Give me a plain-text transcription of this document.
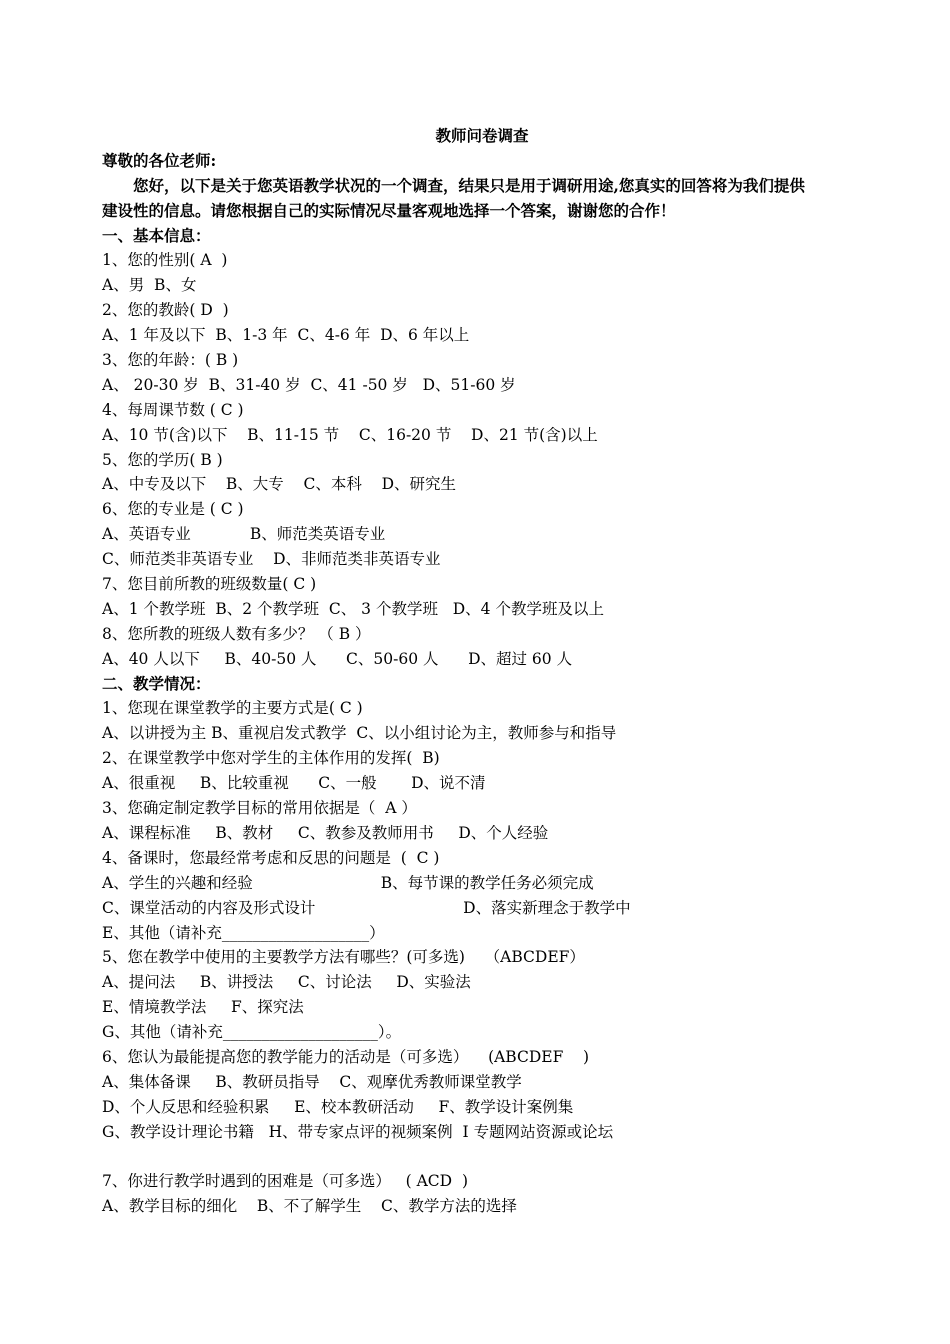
教师问卷调查
尊敬的各位老师:
您好，以下是关于您英语教学状况的一个调查，结果只是用于调研用途,您真实的回答将为我们提供
建设性的信息。请您根据自己的实际情况尽量客观地选择一个答案，谢谢您的合作！
一、基本信息：
1、您的性别( A  )
A、男  B、女
2、您的教龄( D  )
A、1 年及以下  B、1-3 年  C、4-6 年  D、6 年以上
3、您的年龄：( B )
A、 20-30 岁  B、31-40 岁  C、41 -50 岁   D、51-60 岁
4、每周课节数 ( C )
A、10 节(含)以下    B、11-15 节    C、16-20 节    D、21 节(含)以上
5、您的学历( B )
A、中专及以下    B、大专    C、本科    D、研究生
6、您的专业是 ( C )
A、英语专业            B、师范类英语专业
C、师范类非英语专业    D、非师范类非英语专业
7、您目前所教的班级数量( C )
A、1 个教学班  B、2 个教学班  C、 3 个教学班   D、4 个教学班及以上
8、您所教的班级人数有多少？ （ B ）
A、40 人以下     B、40-50 人      C、50-60 人      D、超过 60 人
二、教学情况：
1、您现在课堂教学的主要方式是( C )
A、以讲授为主 B、重视启发式教学  C、以小组讨论为主，教师参与和指导
2、在课堂教学中您对学生的主体作用的发挥(  B)
A、很重视     B、比较重视      C、一般       D、说不清
3、您确定制定教学目标的常用依据是（  A ）
A、课程标准     B、教材     C、教参及教师用书     D、个人经验
4、备课时，您最经常考虑和反思的问题是  (  C )
A、学生的兴趣和经验                          B、每节课的教学任务必须完成
C、课堂活动的内容及形式设计                              D、落实新理念于教学中
E、其他（请补充___________________）
5、您在教学中使用的主要教学方法有哪些？(可多选)    （ABCDEF）
A、提问法     B、讲授法     C、讨论法     D、实验法
E、情境教学法     F、探究法
G、其他（请补充____________________）。
6、您认为最能提高您的教学能力的活动是（可多选）    (ABCDEF    )
A、集体备课     B、教研员指导    C、观摩优秀教师课堂教学
D、个人反思和经验积累     E、校本教研活动     F、教学设计案例集
G、教学设计理论书籍   H、带专家点评的视频案例  I 专题网站资源或论坛
7、你进行教学时遇到的困难是（可多选）   ( ACD  )
A、教学目标的细化    B、不了解学生    C、教学方法的选择
